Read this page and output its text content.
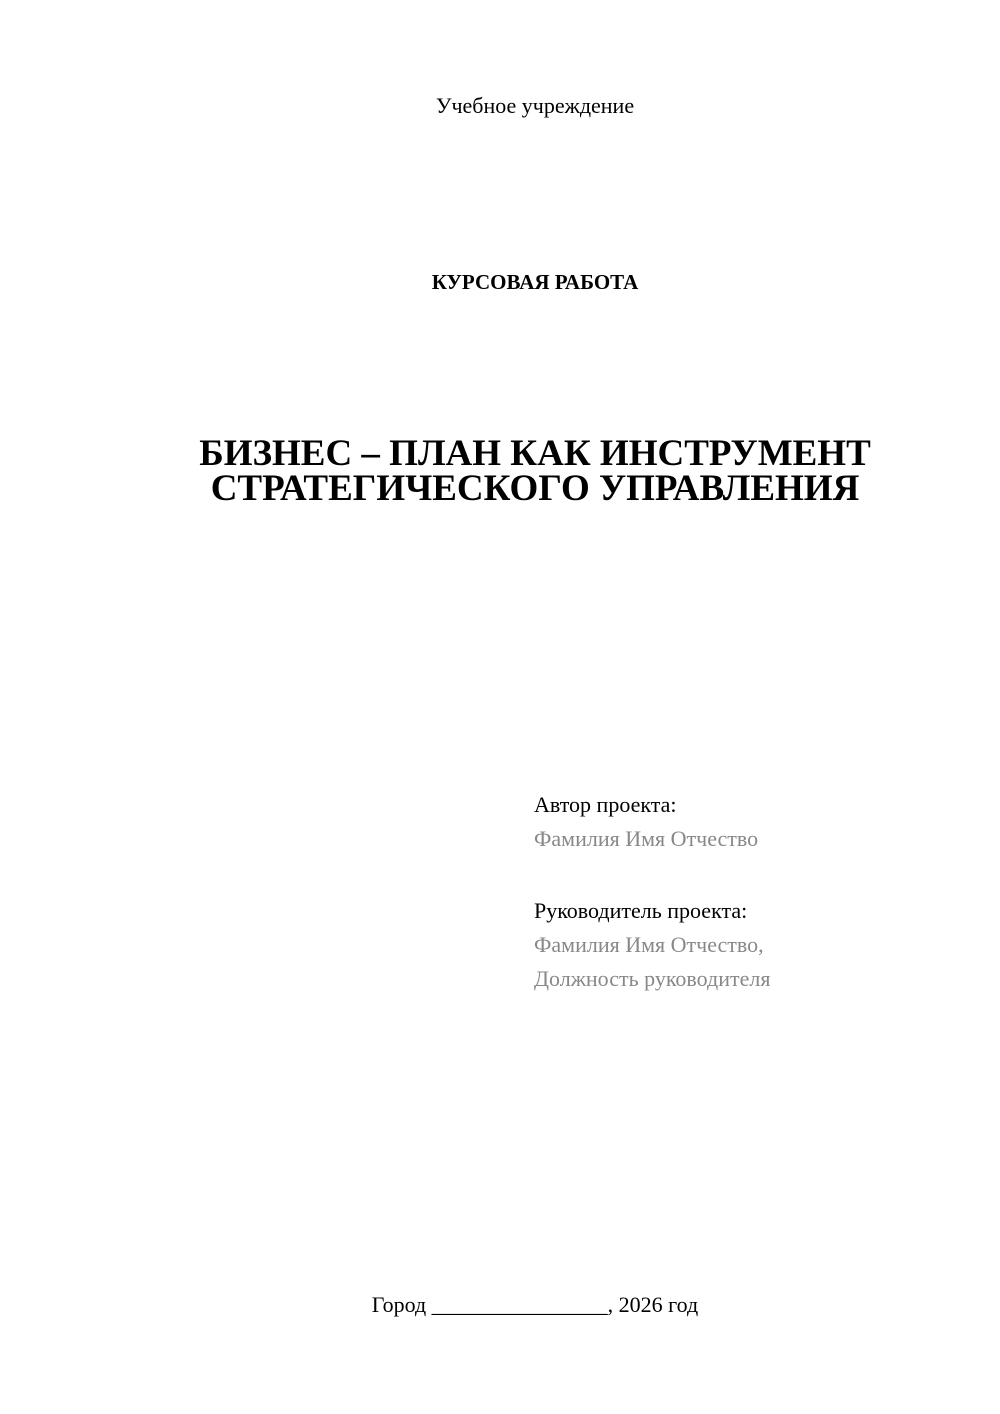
Учебное учреждение
КУРСОВАЯ РАБОТА
БИЗНЕС – ПЛАН КАК ИНСТРУМЕНТ
СТРАТЕГИЧЕСКОГО УПРАВЛЕНИЯ
Автор проекта:
Фамилия Имя Отчество
Руководитель проекта:
Фамилия Имя Отчество,
Должность руководителя
Город ________________, 2026 год
